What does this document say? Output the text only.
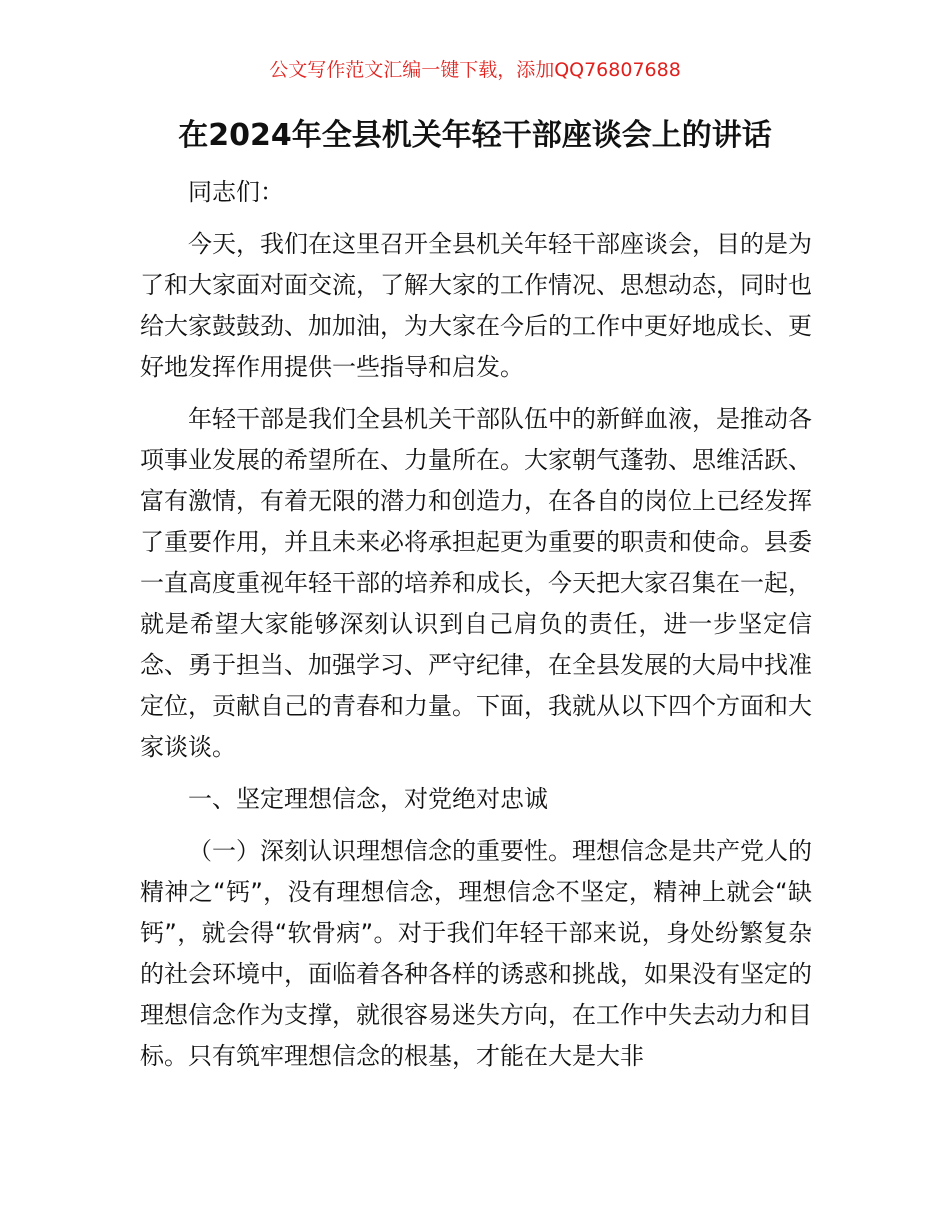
公文写作范文汇编一键下载，添加QQ76807688
在2024年全县机关年轻干部座谈会上的讲话

同志们：

今天，我们在这里召开全县机关年轻干部座谈会，目的是为了和大家面对面交流，了解大家的工作情况、思想动态，同时也给大家鼓鼓劲、加加油，为大家在今后的工作中更好地成长、更好地发挥作用提供一些指导和启发。

年轻干部是我们全县机关干部队伍中的新鲜血液，是推动各项事业发展的希望所在、力量所在。大家朝气蓬勃、思维活跃、富有激情，有着无限的潜力和创造力，在各自的岗位上已经发挥了重要作用，并且未来必将承担起更为重要的职责和使命。县委一直高度重视年轻干部的培养和成长，今天把大家召集在一起，就是希望大家能够深刻认识到自己肩负的责任，进一步坚定信念、勇于担当、加强学习、严守纪律，在全县发展的大局中找准定位，贡献自己的青春和力量。下面，我就从以下四个方面和大家谈谈。

一、坚定理想信念，对党绝对忠诚

（一）深刻认识理想信念的重要性。理想信念是共产党人的精神之“钙”，没有理想信念，理想信念不坚定，精神上就会“缺钙”，就会得“软骨病”。对于我们年轻干部来说，身处纷繁复杂的社会环境中，面临着各种各样的诱惑和挑战，如果没有坚定的理想信念作为支撑，就很容易迷失方向，在工作中失去动力和目标。只有筑牢理想信念的根基，才能在大是大非
